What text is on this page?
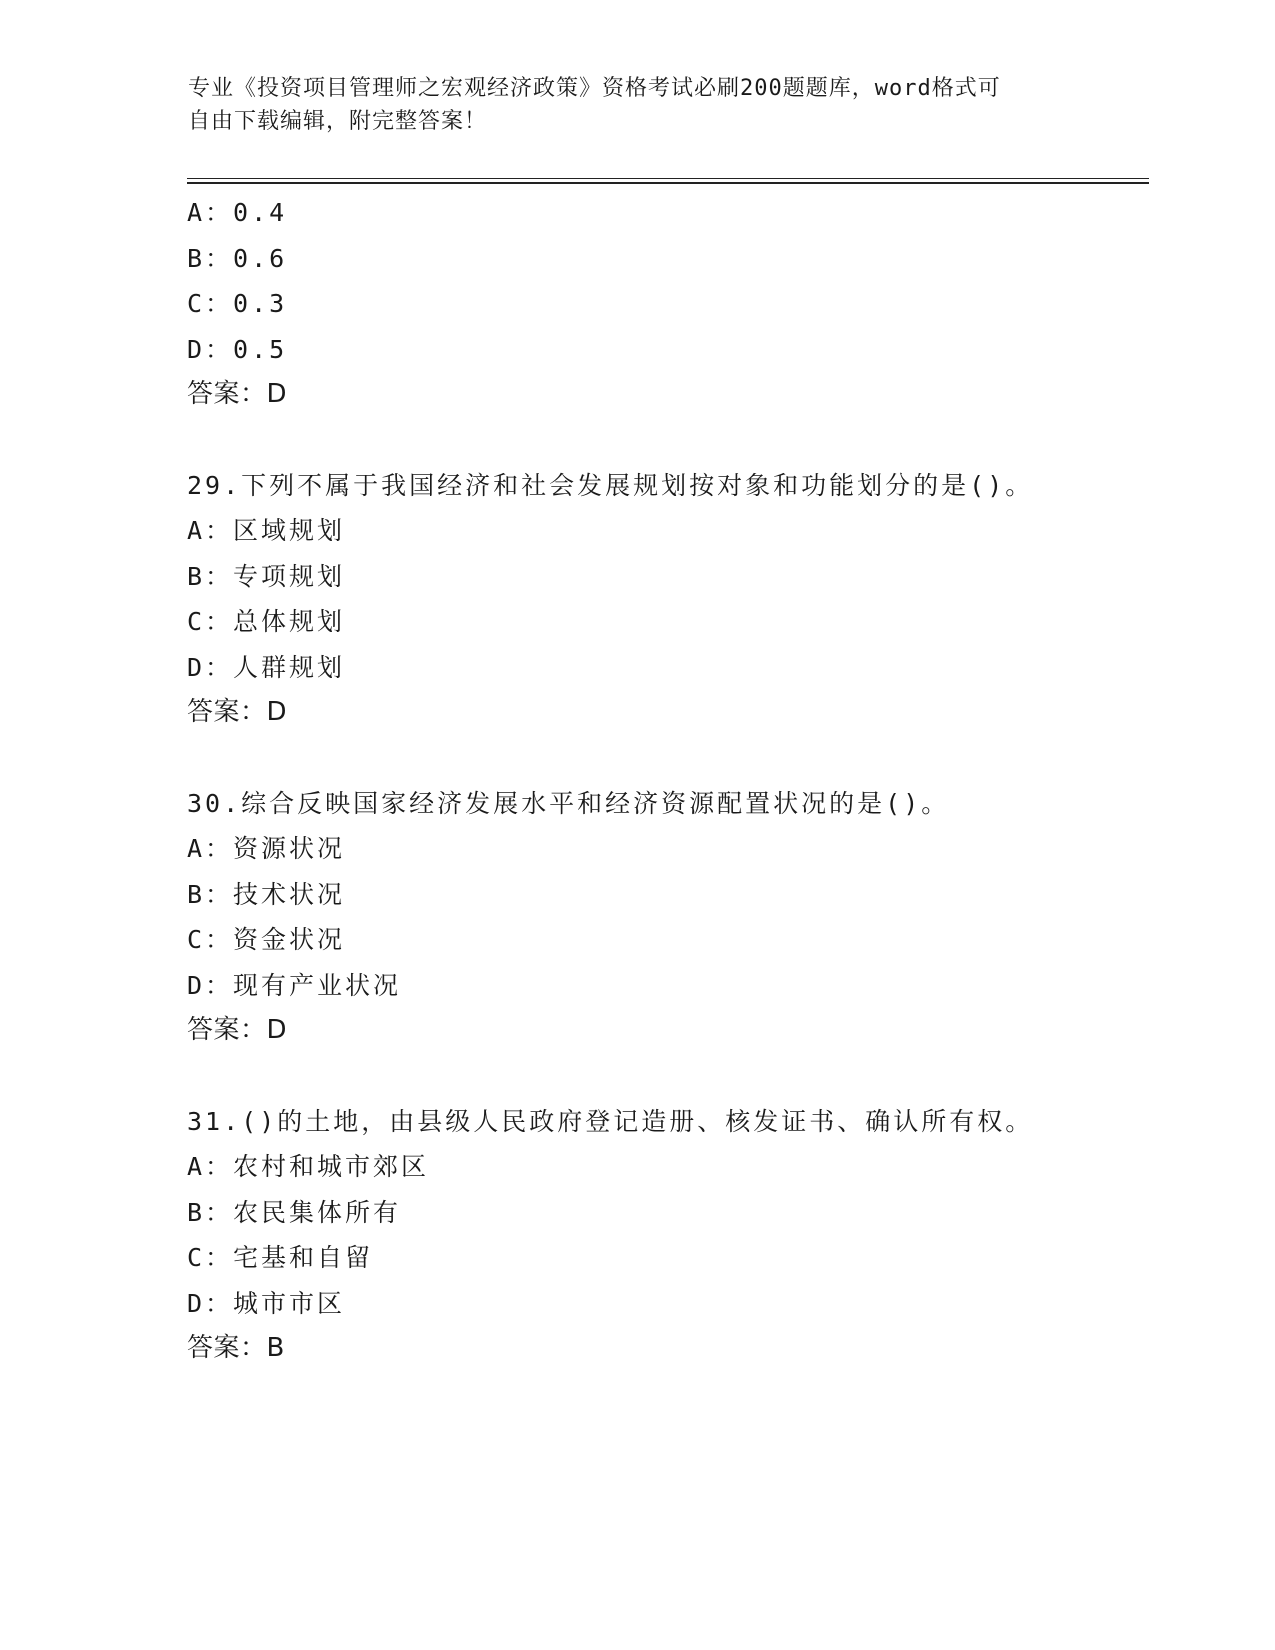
专业《投资项目管理师之宏观经济政策》资格考试必刷200题题库，word格式可
自由下载编辑，附完整答案！
A：0.4
B：0.6
C：0.3
D：0.5
答案：D
29.下列不属于我国经济和社会发展规划按对象和功能划分的是()。
A：区域规划
B：专项规划
C：总体规划
D：人群规划
答案：D
30.综合反映国家经济发展水平和经济资源配置状况的是()。
A：资源状况
B：技术状况
C：资金状况
D：现有产业状况
答案：D
31.()的土地，由县级人民政府登记造册、核发证书、确认所有权。
A：农村和城市郊区
B：农民集体所有
C：宅基和自留
D：城市市区
答案：B
